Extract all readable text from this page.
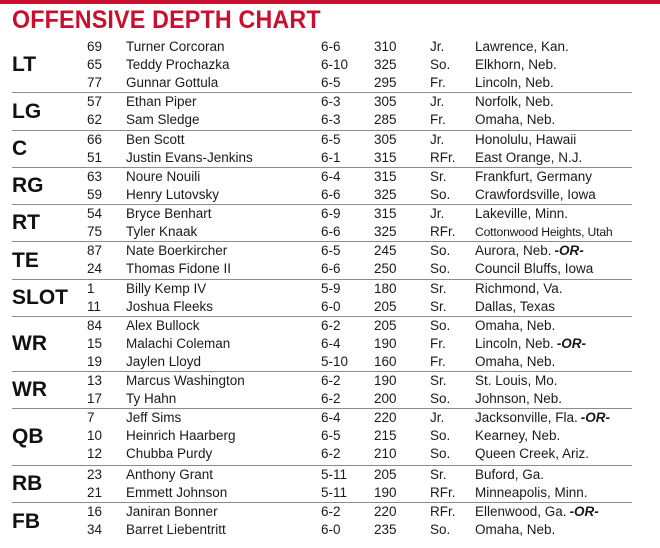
OFFENSIVE DEPTH CHART
LT
69 Turner Corcoran	6-6 310 Jr. Lawrence, Kan.
65 Teddy Prochazka	6-10 325 So. Elkhorn, Neb.
77 Gunnar Gottula	6-5 295 Fr. Lincoln, Neb.
LG	57 Ethan Piper	6-3 305 Jr. Norfolk, Neb.
62 Sam Sledge	6-3 285 Fr. Omaha, Neb.
C	66 Ben Scott	6-5 305 Jr. Honolulu, Hawaii
51 Justin Evans-Jenkins	6-1 315 RFr. East Orange, N.J.
RG	63 Noure Nouili	6-4 315 Sr. Frankfurt, Germany
59 Henry Lutovsky	6-6 325 So. Crawfordsville, Iowa
RT	54 Bryce Benhart	6-9 315 Jr. Lakeville, Minn.
75 Tyler Knaak	6-6 325 RFr. Cottonwood Heights, Utah
TE	87 Nate Boerkircher	6-5 245 So. Aurora, Neb. -OR-
24 Thomas Fidone II	6-6 250 So. Council Bluffs, Iowa
SLOT 1 Billy Kemp IV	5-9 180 Sr. Richmond, Va.
11 Joshua Fleeks	6-0 205 Sr. Dallas, Texas
WR
84 Alex Bullock	6-2 205 So. Omaha, Neb.
15 Malachi Coleman	6-4 190 Fr. Lincoln, Neb. -OR-
19 Jaylen Lloyd	5-10 160 Fr. Omaha, Neb.
WR	13 Marcus Washington	6-2 190 Sr. St. Louis, Mo.
17 Ty Hahn	6-2 200 So. Johnson, Neb.
QB
7 Jeff Sims	6-4 220 Jr. Jacksonville, Fla. -OR-
10 Heinrich Haarberg	6-5 215 So. Kearney, Neb.
12 Chubba Purdy	6-2 210 So. Queen Creek, Ariz.
RB	23 Anthony Grant	5-11 205 Sr. Buford, Ga.
21 Emmett Johnson	5-11 190 RFr. Minneapolis, Minn.
FB	16 Janiran Bonner	6-2 220 RFr. Ellenwood, Ga. -OR-
34 Barret Liebentritt	6-0 235 So. Omaha, Neb.
